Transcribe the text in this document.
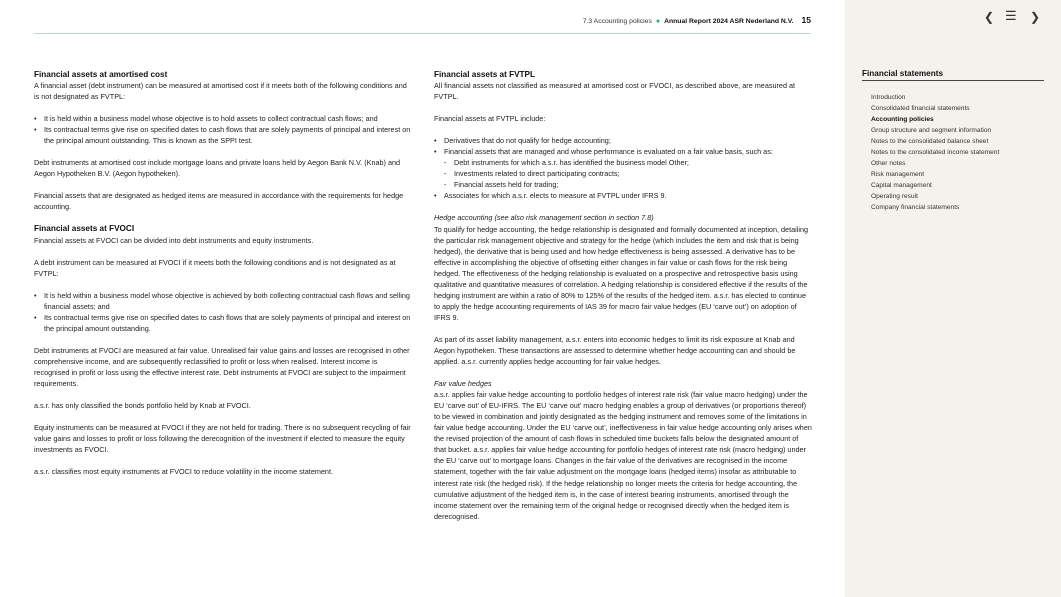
7.3 Accounting policies ● Annual Report 2024 ASR Nederland N.V. 15
Financial assets at amortised cost

A financial asset (debt instrument) can be measured at amortised cost if it meets both of the following conditions and is not designated as FVTPL:

• It is held within a business model whose objective is to hold assets to collect contractual cash flows; and
• Its contractual terms give rise on specified dates to cash flows that are solely payments of principal and interest on the principal amount outstanding. This is known as the SPPI test.

Debt instruments at amortised cost include mortgage loans and private loans held by Aegon Bank N.V. (Knab) and Aegon Hypotheken B.V. (Aegon hypotheken).

Financial assets that are designated as hedged items are measured in accordance with the requirements for hedge accounting.

Financial assets at FVOCI

Financial assets at FVOCI can be divided into debt instruments and equity instruments.

A debt instrument can be measured at FVOCI if it meets both the following conditions and is not designated as at FVTPL:

• It is held within a business model whose objective is achieved by both collecting contractual cash flows and selling financial assets; and
• Its contractual terms give rise on specified dates to cash flows that are solely payments of principal and interest on the principal amount outstanding.

Debt instruments at FVOCI are measured at fair value. Unrealised fair value gains and losses are recognised in other comprehensive income, and are subsequently reclassified to profit or loss when realised. Interest income is recognised in profit or loss using the effective interest rate. Debt instruments at FVOCI are subject to the impairment requirements.

a.s.r. has only classified the bonds portfolio held by Knab at FVOCI.

Equity instruments can be measured at FVOCI if they are not held for trading. There is no subsequent recycling of fair value gains and losses to profit or loss following the derecognition of the investment if elected to measure the equity investments as FVOCI.

a.s.r. classifies most equity instruments at FVOCI to reduce volatility in the income statement.

Financial assets at FVTPL

All financial assets not classified as measured at amortised cost or FVOCI, as described above, are measured at FVTPL.

Financial assets at FVTPL include:

• Derivatives that do not qualify for hedge accounting;
• Financial assets that are managed and whose performance is evaluated on a fair value basis, such as:
- Debt instruments for which a.s.r. has identified the business model Other;
- Investments related to direct participating contracts;
- Financial assets held for trading;
• Associates for which a.s.r. elects to measure at FVTPL under IFRS 9.

Hedge accounting (see also risk management section in section 7.8)

To qualify for hedge accounting, the hedge relationship is designated and formally documented at inception, detailing the particular risk management objective and strategy for the hedge (which includes the item and risk that is being hedged), the derivative that is being used and how hedge effectiveness is being assessed. A derivative has to be effective in accomplishing the objective of offsetting either changes in fair value or cash flows for the risk being hedged. The effectiveness of the hedging relationship is evaluated on a prospective and retrospective basis using qualitative and quantitative measures of correlation. A hedging relationship is considered effective if the results of the hedging instrument are within a ratio of 80% to 125% of the results of the hedged item. a.s.r. has elected to continue to apply the hedge accounting requirements of IAS 39 for macro fair value hedges (EU ‘carve out’) on adoption of IFRS 9.

As part of its asset liability management, a.s.r. enters into economic hedges to limit its risk exposure at Knab and Aegon hypotheken. These transactions are assessed to determine whether hedge accounting can and should be applied. a.s.r. currently applies hedge accounting for fair value hedges.

Fair value hedges

a.s.r. applies fair value hedge accounting to portfolio hedges of interest rate risk (fair value macro hedging) under the EU ‘carve out’ of EU-IFRS. The EU ‘carve out’ macro hedging enables a group of derivatives (or proportions thereof) to be viewed in combination and jointly designated as the hedging instrument and removes some of the limitations in fair value hedge accounting. Under the EU ‘carve out’, ineffectiveness in fair value hedge accounting only arises when the revised projection of the amount of cash flows in scheduled time buckets falls below the designated amount of that bucket. a.s.r. applies fair value hedge accounting for portfolio hedges of interest rate risk (macro hedging) under the EU ‘carve out’ to mortgage loans. Changes in the fair value of the derivatives are recognised in the income statement, together with the fair value adjustment on the mortgage loans (hedged items) insofar as attributable to interest rate risk (the hedged risk). If the hedge relationship no longer meets the criteria for hedge accounting, the cumulative adjustment of the hedged item is, in the case of interest bearing instruments, amortised through the income statement over the remaining term of the original hedge or recognised directly when the hedged item is derecognised.

❮ ☰ ❯
Financial statements
Introduction
Consolidated financial statements
Accounting policies
Group structure and segment information
Notes to the consolidated balance sheet
Notes to the consolidated income statement
Other notes
Risk management
Capital management
Operating result
Company financial statements
